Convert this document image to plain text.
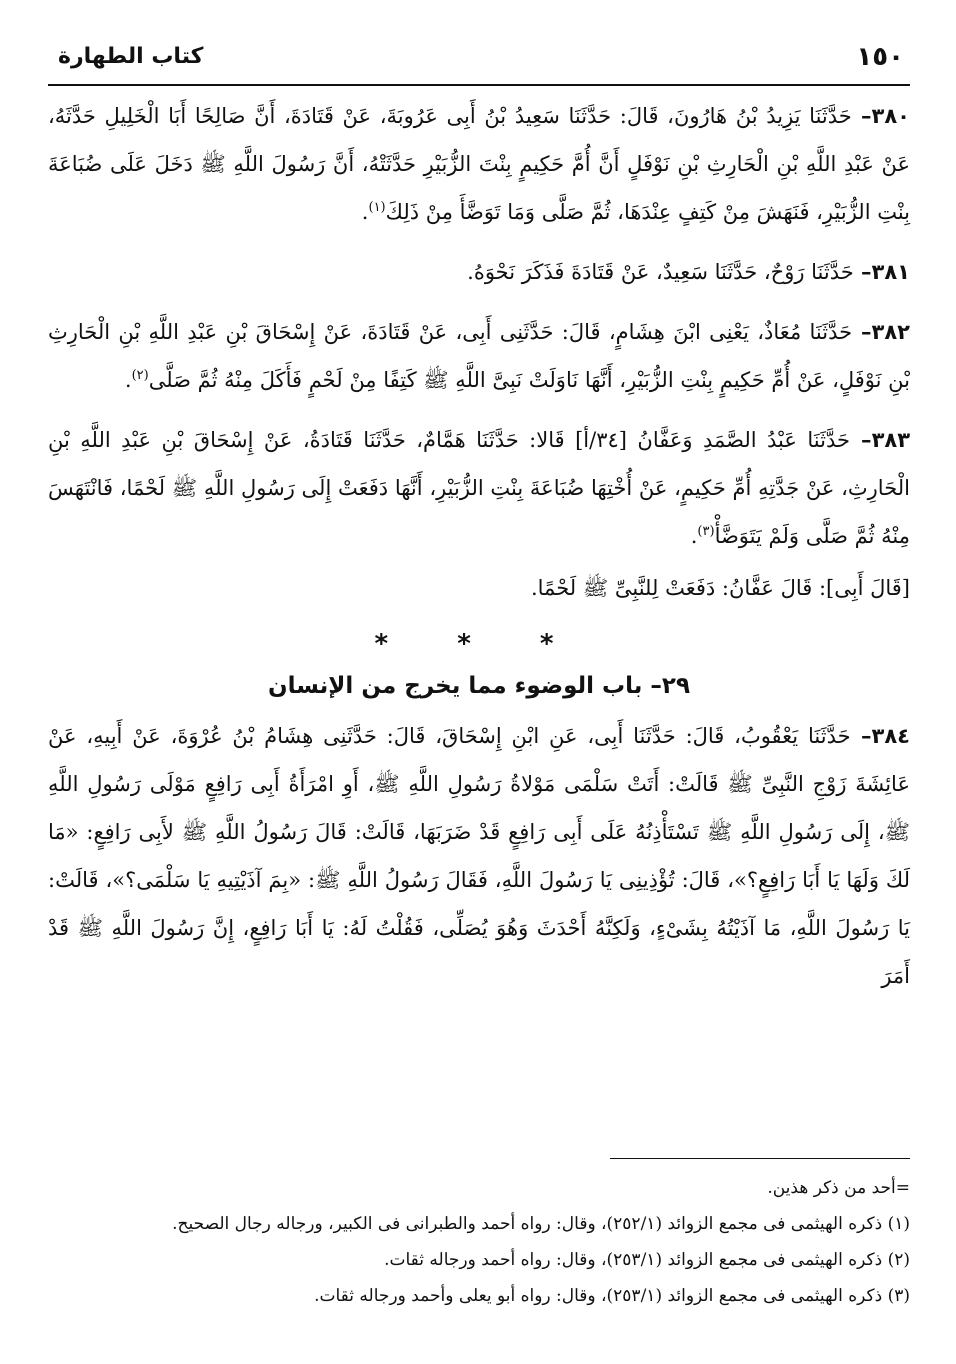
١٥٠
كتاب الطهارة

٣٨٠– حَدَّثَنَا يَزِيدُ بْنُ هَارُونَ، قَالَ: حَدَّثَنَا سَعِيدُ بْنُ أَبِى عَرُوبَةَ، عَنْ قَتَادَةَ، أَنَّ صَالِحًا أَبَا الْخَلِيلِ حَدَّثَهُ، عَنْ عَبْدِ اللَّهِ بْنِ الْحَارِثِ بْنِ نَوْفَلٍ أَنَّ أُمَّ حَكِيمٍ بِنْتَ الزُّبَيْرِ حَدَّثَتْهُ، أَنَّ رَسُولَ اللَّهِ ﷺ دَخَلَ عَلَى ضُبَاعَةَ بِنْتِ الزُّبَيْرِ، فَنَهَشَ مِنْ كَتِفٍ عِنْدَهَا، ثُمَّ صَلَّى وَمَا تَوَضَّأَ مِنْ ذَلِكَ$^{(١)}$.

٣٨١– حَدَّثَنَا رَوْحٌ، حَدَّثَنَا سَعِيدٌ، عَنْ قَتَادَةَ فَذَكَرَ نَحْوَهُ.

٣٨٢– حَدَّثَنَا مُعَاذٌ، يَعْنِى ابْنَ هِشَامٍ، قَالَ: حَدَّثَنِى أَبِى، عَنْ قَتَادَةَ، عَنْ إِسْحَاقَ بْنِ عَبْدِ اللَّهِ بْنِ الْحَارِثِ بْنِ نَوْفَلٍ، عَنْ أُمِّ حَكِيمٍ بِنْتِ الزُّبَيْرِ، أَنَّهَا نَاوَلَتْ نَبِىَّ اللَّهِ ﷺ كَتِفًا مِنْ لَحْمٍ فَأَكَلَ مِنْهُ ثُمَّ صَلَّى$^{(٢)}$.

٣٨٣– حَدَّثَنَا عَبْدُ الصَّمَدِ وَعَفَّانُ [٣٤/أ] قَالا: حَدَّثَنَا هَمَّامٌ، حَدَّثَنَا قَتَادَةُ، عَنْ إِسْحَاقَ بْنِ عَبْدِ اللَّهِ بْنِ الْحَارِثِ، عَنْ جَدَّتِهِ أُمِّ حَكِيمٍ، عَنْ أُخْتِهَا ضُبَاعَةَ بِنْتِ الزُّبَيْرِ، أَنَّهَا دَفَعَتْ إِلَى رَسُولِ اللَّهِ ﷺ لَحْمًا، فَانْتَهَسَ مِنْهُ ثُمَّ صَلَّى وَلَمْ يَتَوَضَّأْ$^{(٣)}$.

[قَالَ أَبِى]: قَالَ عَفَّانُ: دَفَعَتْ لِلنَّبِىِّ ﷺ لَحْمًا.

* * *
٢٩– باب الوضوء مما يخرج من الإنسان

٣٨٤– حَدَّثَنَا يَعْقُوبُ، قَالَ: حَدَّثَنَا أَبِى، عَنِ ابْنِ إِسْحَاقَ، قَالَ: حَدَّثَنِى هِشَامُ بْنُ عُرْوَةَ، عَنْ أَبِيهِ، عَنْ عَائِشَةَ زَوْجِ النَّبِىِّ ﷺ قَالَتْ: أَتَتْ سَلْمَى مَوْلاةُ رَسُولِ اللَّهِ ﷺ، أَوِ امْرَأَةُ أَبِى رَافِعٍ مَوْلَى رَسُولِ اللَّهِ ﷺ، إِلَى رَسُولِ اللَّهِ ﷺ تَسْتَأْذِنُهُ عَلَى أَبِى رَافِعٍ قَدْ ضَرَبَهَا، قَالَتْ: قَالَ رَسُولُ اللَّهِ ﷺ لأَبِى رَافِعٍ: «مَا لَكَ وَلَهَا يَا أَبَا رَافِعٍ؟»، قَالَ: تُؤْذِينِى يَا رَسُولَ اللَّهِ، فَقَالَ رَسُولُ اللَّهِ ﷺ: «بِمَ آذَيْتِيهِ يَا سَلْمَى؟»، قَالَتْ: يَا رَسُولَ اللَّهِ، مَا آذَيْتُهُ بِشَىْءٍ، وَلَكِنَّهُ أَحْدَثَ وَهُوَ يُصَلِّى، فَقُلْتُ لَهُ: يَا أَبَا رَافِعٍ، إِنَّ رَسُولَ اللَّهِ ﷺ قَدْ أَمَرَ

=أحد من ذكر هذين.

(١) ذكره الهيثمى فى مجمع الزوائد (٢٥٢/١)، وقال: رواه أحمد والطبرانى فى الكبير، ورجاله رجال الصحيح.

(٢) ذكره الهيثمى فى مجمع الزوائد (٢٥٣/١)، وقال: رواه أحمد ورجاله ثقات.

(٣) ذكره الهيثمى فى مجمع الزوائد (٢٥٣/١)، وقال: رواه أبو يعلى وأحمد ورجاله ثقات.
